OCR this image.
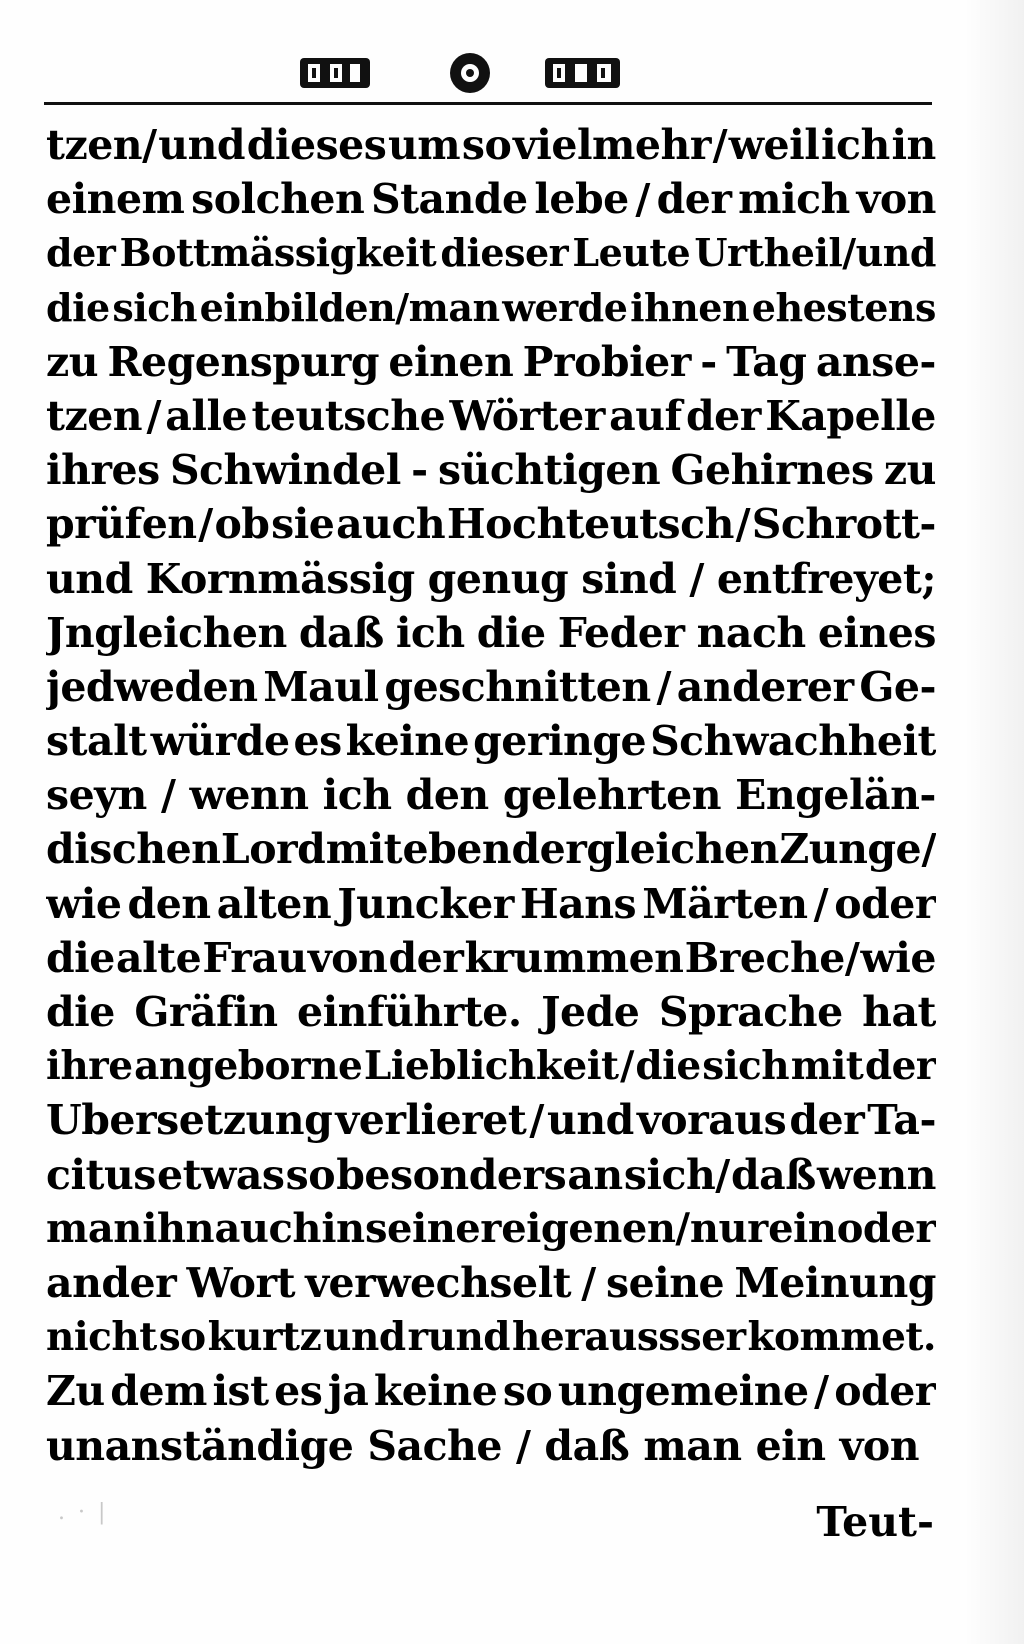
tzen/ und dieses um so vielmehr / weil ich in
einem solchen Stande lebe / der mich von
der Bottmässigkeit dieser Leute Urtheil/und
die sich einbilden/man werde ihnen ehestens
zu Regenspurg einen Probier - Tag anse-
tzen / alle teutsche Wörter auf der Kapelle
ihres Schwindel - süchtigen Gehirnes zu
prüfen / ob sie auch Hochteutsch / Schrott-
und Kornmässig genug sind / entfreyet;
Jngleichen daß ich die Feder nach eines
jedweden Maul geschnitten / anderer Ge-
stalt würde es keine geringe Schwachheit
seyn / wenn ich den gelehrten Engelän-
dischen Lord mit eben dergleichen Zunge /
wie den alten Juncker Hans Märten / oder
die alte Frau von der krummen Breche/ wie
die Gräfin einführte. Jede Sprache hat
ihre angeborne Lieblichkeit / die sich mit der
Ubersetzung verlieret / und voraus der Ta-
citus etwas so besonders an sich/ daß wenn
man ihn auch in seiner eigenen/ nur ein oder
ander Wort verwechselt / seine Meinung
nicht so kurtz und rund heraussser kommet.
Zu dem ist es ja keine so ungemeine / oder
unanständige Sache / daß man ein von
. · |	Teut-
